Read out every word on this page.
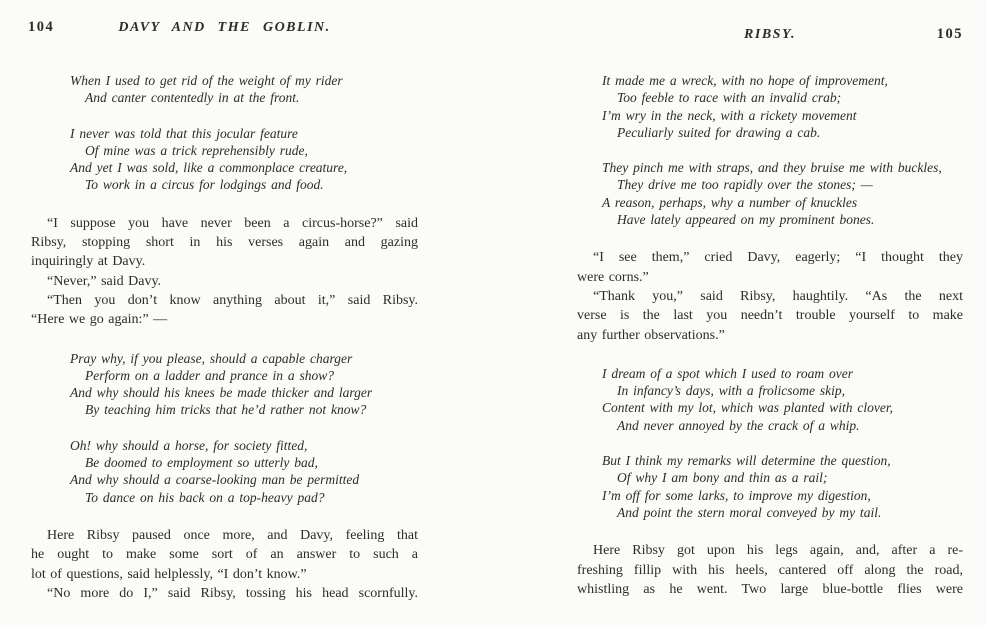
104	DAVY AND THE GOBLIN.
When I used to get rid of the weight of my rider
And canter contentedly in at the front.
I never was told that this jocular feature
Of mine was a trick reprehensibly rude,
And yet I was sold, like a commonplace creature,
To work in a circus for lodgings and food.
“I suppose you have never been a circus-horse?” said
Ribsy, stopping short in his verses again and gazing
inquiringly at Davy.
“Never,” said Davy.
“Then you don’t know anything about it,” said Ribsy.
“Here we go again:” —
Pray why, if you please, should a capable charger
Perform on a ladder and prance in a show?
And why should his knees be made thicker and larger
By teaching him tricks that he’d rather not know?
Oh! why should a horse, for society fitted,
Be doomed to employment so utterly bad,
And why should a coarse-looking man be permitted
To dance on his back on a top-heavy pad?
Here Ribsy paused once more, and Davy, feeling that
he ought to make some sort of an answer to such a
lot of questions, said helplessly, “I don’t know.”
“No more do I,” said Ribsy, tossing his head scornfully.
RIBSY.	105
It made me a wreck, with no hope of improvement,
Too feeble to race with an invalid crab;
I’m wry in the neck, with a rickety movement
Peculiarly suited for drawing a cab.
They pinch me with straps, and they bruise me with buckles,
They drive me too rapidly over the stones; —
A reason, perhaps, why a number of knuckles
Have lately appeared on my prominent bones.
“I see them,” cried Davy, eagerly; “I thought they
were corns.”
“Thank you,” said Ribsy, haughtily. “As the next
verse is the last you needn’t trouble yourself to make
any further observations.”
I dream of a spot which I used to roam over
In infancy’s days, with a frolicsome skip,
Content with my lot, which was planted with clover,
And never annoyed by the crack of a whip.
But I think my remarks will determine the question,
Of why I am bony and thin as a rail;
I’m off for some larks, to improve my digestion,
And point the stern moral conveyed by my tail.
Here Ribsy got upon his legs again, and, after a re-
freshing fillip with his heels, cantered off along the road,
whistling as he went. Two large blue-bottle flies were
